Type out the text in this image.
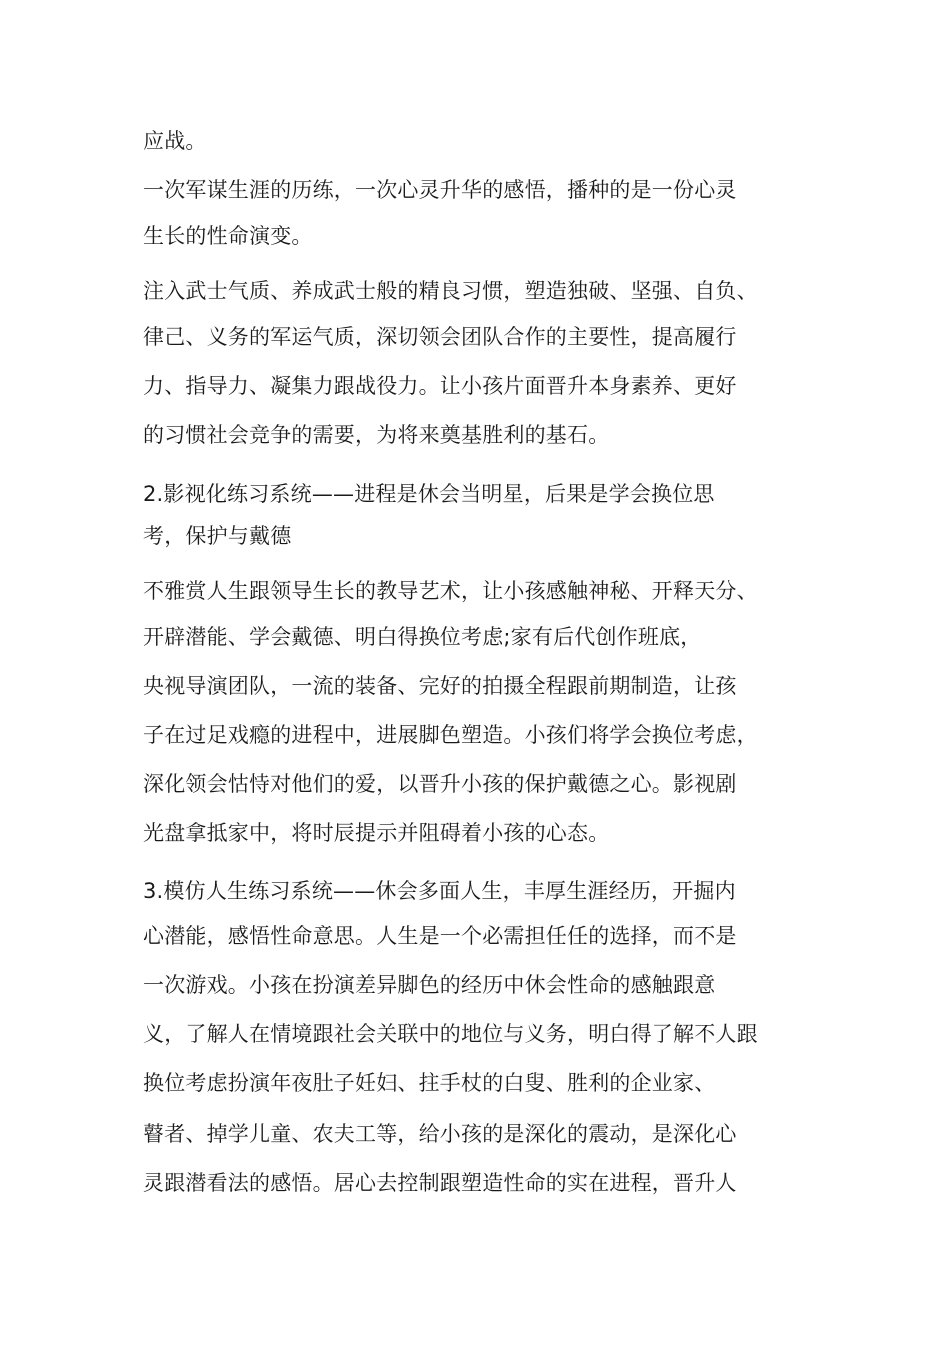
应战。
一次军谋生涯的历练，一次心灵升华的感悟，播种的是一份心灵
生长的性命演变。
注入武士气质、养成武士般的精良习惯，塑造独破、坚强、自负、
律己、义务的军运气质，深切领会团队合作的主要性，提高履行
力、指导力、凝集力跟战役力。让小孩片面晋升本身素养、更好
的习惯社会竞争的需要，为将来奠基胜利的基石。
2.影视化练习系统——进程是休会当明星，后果是学会换位思
考，保护与戴德
不雅赏人生跟领导生长的教导艺术，让小孩感触神秘、开释天分、
开辟潜能、学会戴德、明白得换位考虑;家有后代创作班底，
央视导演团队，一流的装备、完好的拍摄全程跟前期制造，让孩
子在过足戏瘾的进程中，进展脚色塑造。小孩们将学会换位考虑，
深化领会怙恃对他们的爱，以晋升小孩的保护戴德之心。影视剧
光盘拿抵家中，将时辰提示并阻碍着小孩的心态。
3.模仿人生练习系统——休会多面人生，丰厚生涯经历，开掘内
心潜能，感悟性命意思。人生是一个必需担任任的选择，而不是
一次游戏。小孩在扮演差异脚色的经历中休会性命的感触跟意
义，了解人在情境跟社会关联中的地位与义务，明白得了解不人跟
换位考虑扮演年夜肚子妊妇、拄手杖的白叟、胜利的企业家、
瞽者、掉学儿童、农夫工等，给小孩的是深化的震动，是深化心
灵跟潜看法的感悟。居心去控制跟塑造性命的实在进程，晋升人
